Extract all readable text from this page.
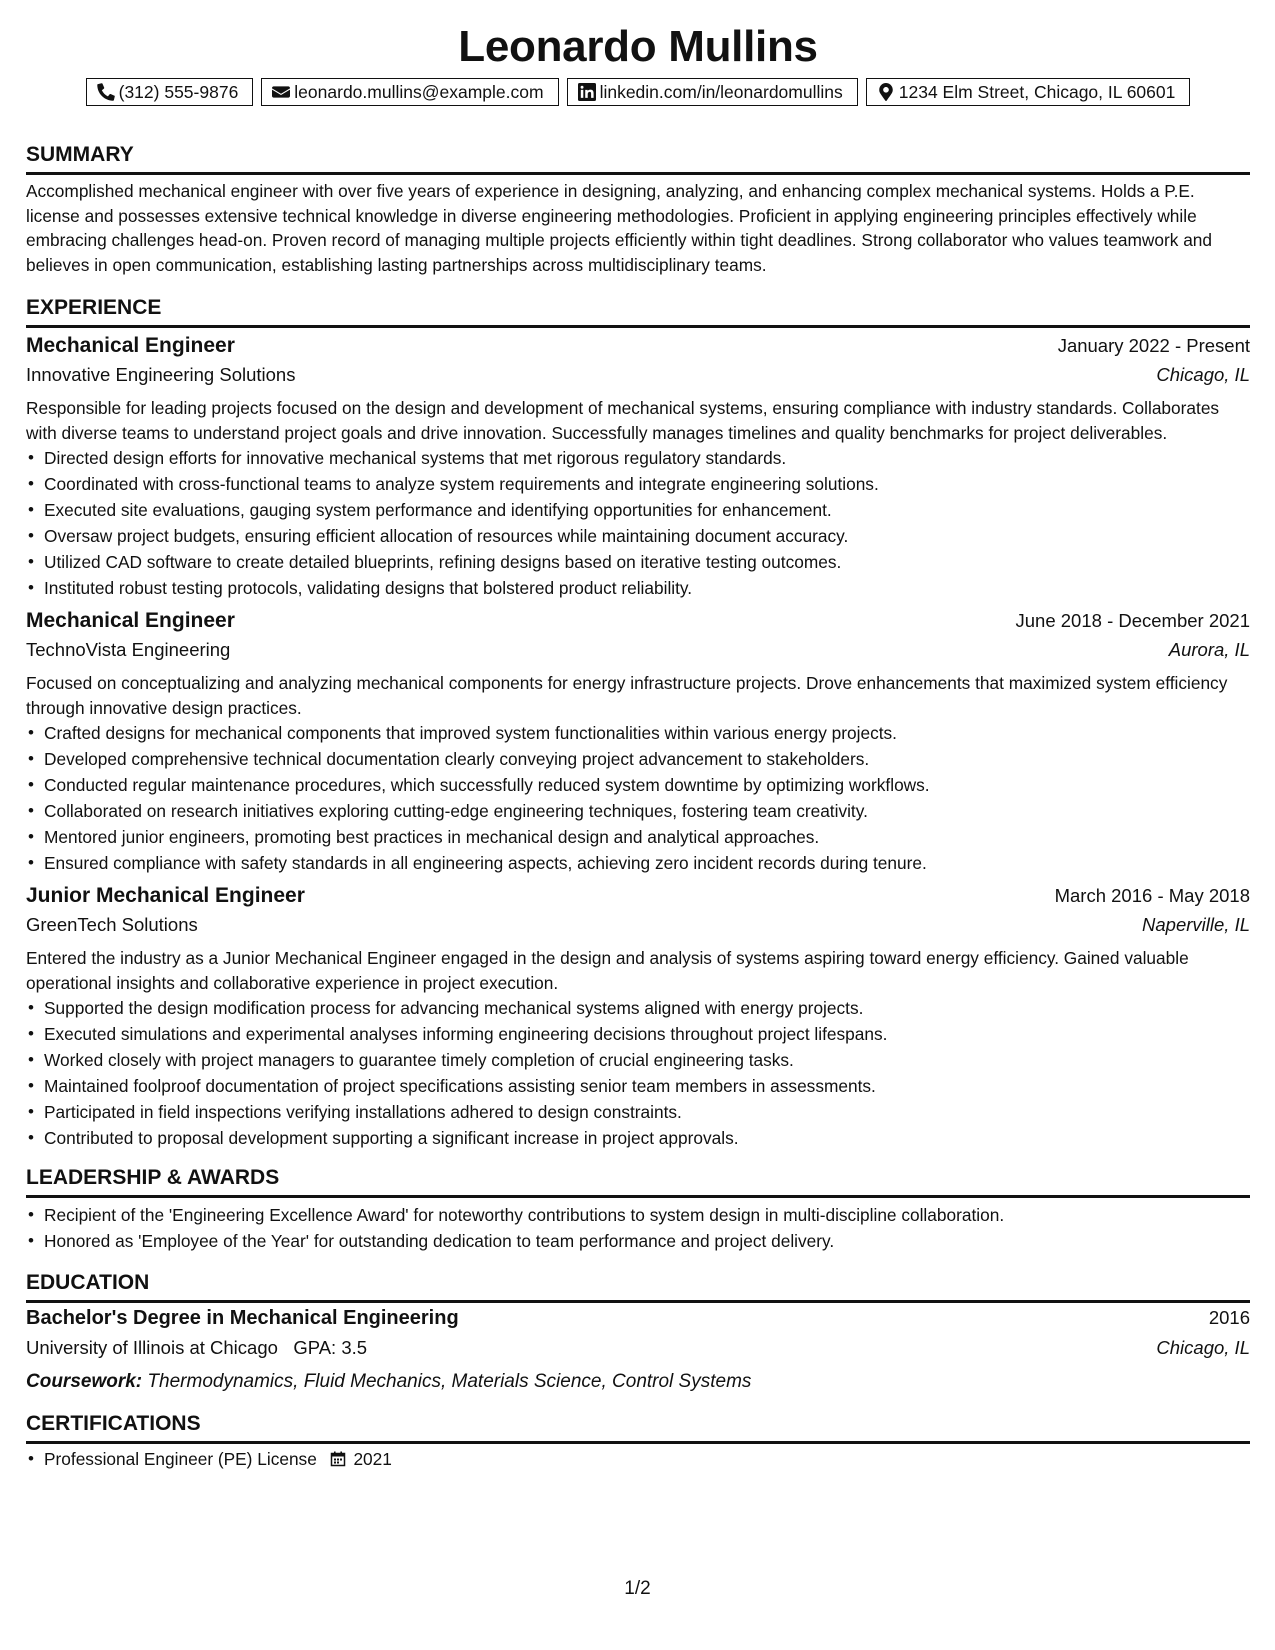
Leonardo Mullins
(312) 555-9876	leonardo.mullins@example.com	linkedin.com/in/leonardomullins	1234 Elm Street, Chicago, IL 60601
SUMMARY

Accomplished mechanical engineer with over five years of experience in designing, analyzing, and enhancing complex mechanical systems. Holds a P.E. license and possesses extensive technical knowledge in diverse engineering methodologies. Proficient in applying engineering principles effectively while embracing challenges head-on. Proven record of managing multiple projects efficiently within tight deadlines. Strong collaborator who values teamwork and believes in open communication, establishing lasting partnerships across multidisciplinary teams.

EXPERIENCE
Mechanical Engineer	January 2022 - Present
Innovative Engineering Solutions	Chicago, IL

Responsible for leading projects focused on the design and development of mechanical systems, ensuring compliance with industry standards. Collaborates with diverse teams to understand project goals and drive innovation. Successfully manages timelines and quality benchmarks for project deliverables.

• Directed design efforts for innovative mechanical systems that met rigorous regulatory standards.
• Coordinated with cross-functional teams to analyze system requirements and integrate engineering solutions.
• Executed site evaluations, gauging system performance and identifying opportunities for enhancement.
• Oversaw project budgets, ensuring efficient allocation of resources while maintaining document accuracy.
• Utilized CAD software to create detailed blueprints, refining designs based on iterative testing outcomes.
• Instituted robust testing protocols, validating designs that bolstered product reliability.
Mechanical Engineer	June 2018 - December 2021
TechnoVista Engineering	Aurora, IL

Focused on conceptualizing and analyzing mechanical components for energy infrastructure projects. Drove enhancements that maximized system efficiency through innovative design practices.

• Crafted designs for mechanical components that improved system functionalities within various energy projects.
• Developed comprehensive technical documentation clearly conveying project advancement to stakeholders.
• Conducted regular maintenance procedures, which successfully reduced system downtime by optimizing workflows.
• Collaborated on research initiatives exploring cutting-edge engineering techniques, fostering team creativity.
• Mentored junior engineers, promoting best practices in mechanical design and analytical approaches.
• Ensured compliance with safety standards in all engineering aspects, achieving zero incident records during tenure.
Junior Mechanical Engineer	March 2016 - May 2018
GreenTech Solutions	Naperville, IL

Entered the industry as a Junior Mechanical Engineer engaged in the design and analysis of systems aspiring toward energy efficiency. Gained valuable operational insights and collaborative experience in project execution.

• Supported the design modification process for advancing mechanical systems aligned with energy projects.
• Executed simulations and experimental analyses informing engineering decisions throughout project lifespans.
• Worked closely with project managers to guarantee timely completion of crucial engineering tasks.
• Maintained foolproof documentation of project specifications assisting senior team members in assessments.
• Participated in field inspections verifying installations adhered to design constraints.
• Contributed to proposal development supporting a significant increase in project approvals.
LEADERSHIP & AWARDS
• Recipient of the 'Engineering Excellence Award' for noteworthy contributions to system design in multi-discipline collaboration.
• Honored as 'Employee of the Year' for outstanding dedication to team performance and project delivery.
EDUCATION
Bachelor's Degree in Mechanical Engineering	2016
University of Illinois at Chicago GPA: 3.5	Chicago, IL
Coursework: Thermodynamics, Fluid Mechanics, Materials Science, Control Systems
CERTIFICATIONS
• Professional Engineer (PE) License 2021
1/2
